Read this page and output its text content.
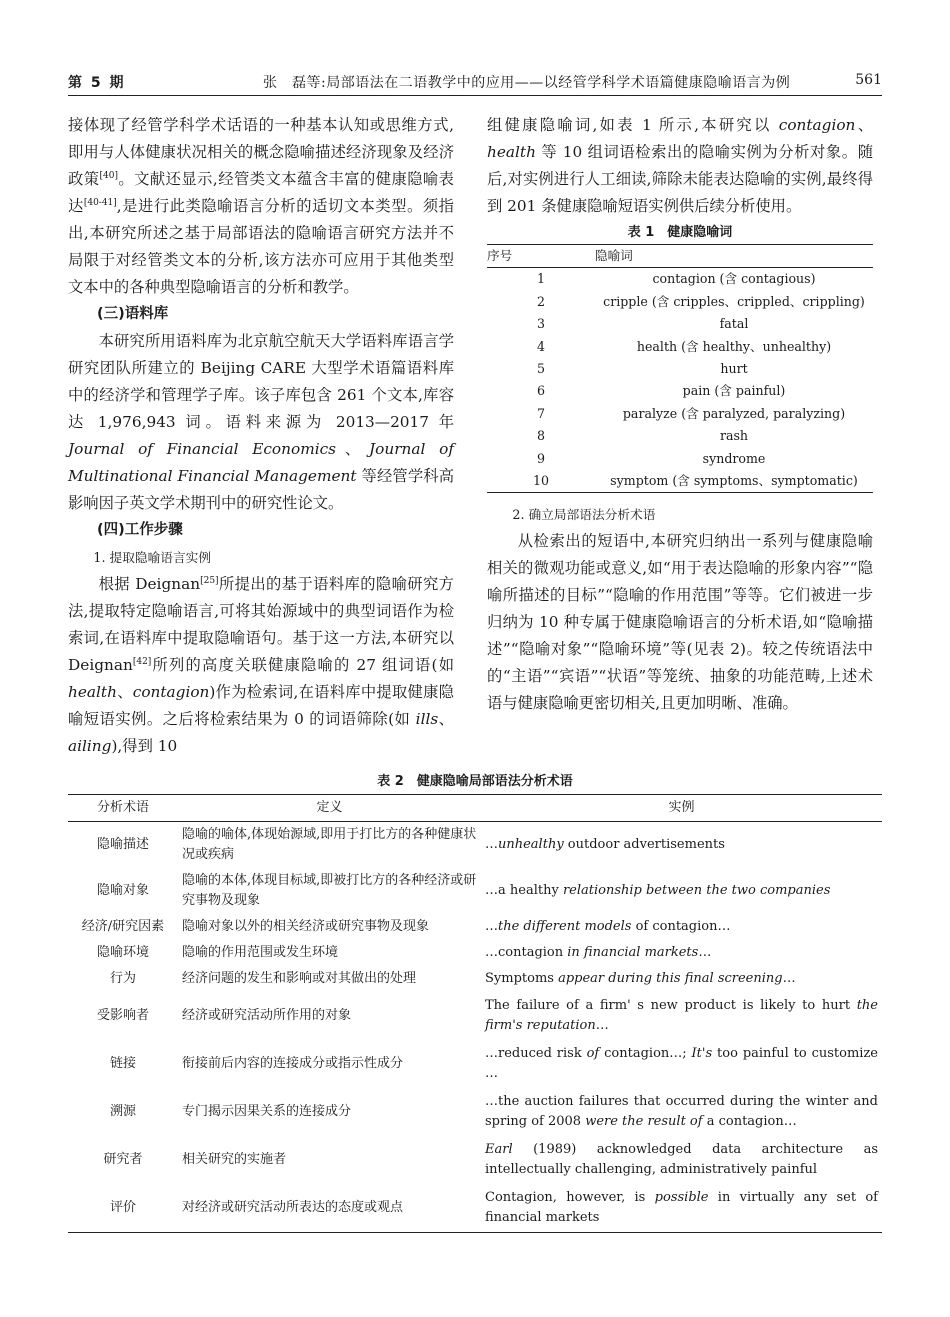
第 5 期	张　磊等:局部语法在二语教学中的应用——以经管学科学术语篇健康隐喻语言为例	561

接体现了经管学科学术话语的一种基本认知或思维方式,即用与人体健康状况相关的概念隐喻描述经济现象及经济政策[40]。文献还显示,经管类文本蕴含丰富的健康隐喻表达[40-41],是进行此类隐喻语言分析的适切文本类型。须指出,本研究所述之基于局部语法的隐喻语言研究方法并不局限于对经管类文本的分析,该方法亦可应用于其他类型文本中的各种典型隐喻语言的分析和教学。

(三)语料库

本研究所用语料库为北京航空航天大学语料库语言学研究团队所建立的 Beijing CARE 大型学术语篇语料库中的经济学和管理学子库。该子库包含 261 个文本,库容达 1,976,943 词。语料来源为 2013—2017 年 Journal of Financial Economics、Journal of Multinational Financial Management 等经管学科高影响因子英文学术期刊中的研究性论文。

(四)工作步骤
1. 提取隐喻语言实例

根据 Deignan[25]所提出的基于语料库的隐喻研究方法,提取特定隐喻语言,可将其始源域中的典型词语作为检索词,在语料库中提取隐喻语句。基于这一方法,本研究以 Deignan[42]所列的高度关联健康隐喻的 27 组词语(如 health、contagion)作为检索词,在语料库中提取健康隐喻短语实例。之后将检索结果为 0 的词语筛除(如 ills、ailing),得到 10

组健康隐喻词,如表 1 所示,本研究以 contagion、health 等 10 组词语检索出的隐喻实例为分析对象。随后,对实例进行人工细读,筛除未能表达隐喻的实例,最终得到 201 条健康隐喻短语实例供后续分析使用。

表 1　健康隐喻词
序号	隐喻词
1	contagion (含 contagious)
2	cripple (含 cripples、crippled、crippling)
3	fatal
4	health (含 healthy、unhealthy)
5	hurt
6	pain (含 painful)
7	paralyze (含 paralyzed, paralyzing)
8	rash
9	syndrome
10	symptom (含 symptoms、symptomatic)
2. 确立局部语法分析术语

从检索出的短语中,本研究归纳出一系列与健康隐喻相关的微观功能或意义,如“用于表达隐喻的形象内容”“隐喻所描述的目标”“隐喻的作用范围”等等。它们被进一步归纳为 10 种专属于健康隐喻语言的分析术语,如“隐喻描述”“隐喻对象”“隐喻环境”等(见表 2)。较之传统语法中的“主语”“宾语”“状语”等笼统、抽象的功能范畴,上述术语与健康隐喻更密切相关,且更加明晰、准确。

表 2　健康隐喻局部语法分析术语
分析术语	定义	实例
隐喻描述	隐喻的喻体,体现始源域,即用于打比方的各种健康状况或疾病	…unhealthy outdoor advertisements
隐喻对象	隐喻的本体,体现目标域,即被打比方的各种经济或研究事物及现象	…a healthy relationship between the two companies
经济/研究因素	隐喻对象以外的相关经济或研究事物及现象	…the different models of contagion…
隐喻环境	隐喻的作用范围或发生环境	…contagion in financial markets…
行为	经济问题的发生和影响或对其做出的处理	Symptoms appear during this final screening…
受影响者	经济或研究活动所作用的对象	The failure of a firm' s new product is likely to hurt the firm's reputation…
链接	衔接前后内容的连接成分或指示性成分	…reduced risk of contagion…; It's too painful to customize …
溯源	专门揭示因果关系的连接成分	…the auction failures that occurred during the winter and spring of 2008 were the result of a contagion…
研究者	相关研究的实施者	Earl (1989) acknowledged data architecture as intellectually challenging, administratively painful
评价	对经济或研究活动所表达的态度或观点	Contagion, however, is possible in virtually any set of financial markets
